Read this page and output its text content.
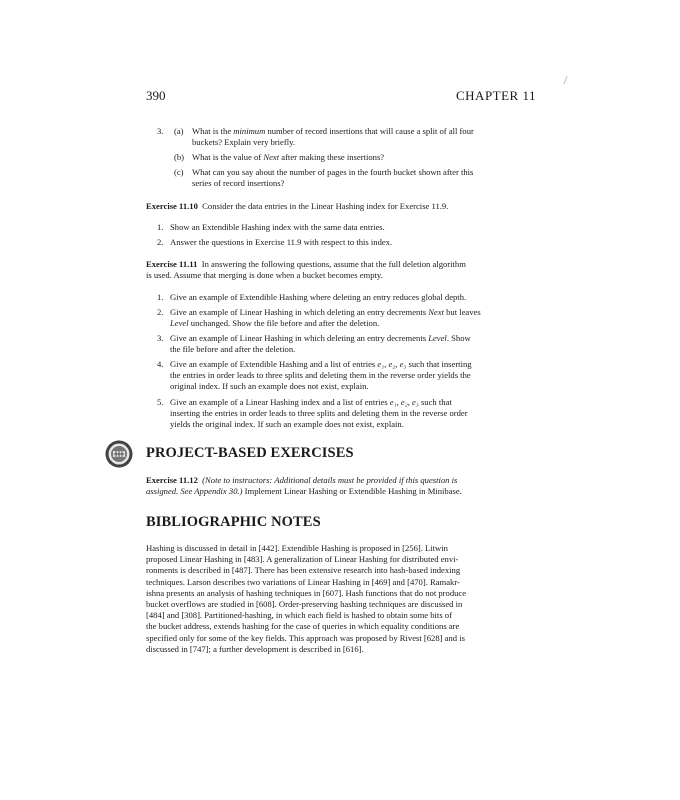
390	CHAPTER 11
3. (a) What is the minimum number of record insertions that will cause a split of all four
buckets? Explain very briefly.
(b) What is the value of Next after making these insertions?
(c) What can you say about the number of pages in the fourth bucket shown after this
series of record insertions?
Exercise 11.10 Consider the data entries in the Linear Hashing index for Exercise 11.9.
1. Show an Extendible Hashing index with the same data entries.
2. Answer the questions in Exercise 11.9 with respect to this index.
Exercise 11.11 In answering the following questions, assume that the full deletion algorithm
is used. Assume that merging is done when a bucket becomes empty.
1. Give an example of Extendible Hashing where deleting an entry reduces global depth.
2. Give an example of Linear Hashing in which deleting an entry decrements Next but leaves
Level unchanged. Show the file before and after the deletion.
3. Give an example of Linear Hashing in which deleting an entry decrements Level. Show
the file before and after the deletion.
4. Give an example of Extendible Hashing and a list of entries e₁, e₂, e₃ such that inserting
the entries in order leads to three splits and deleting them in the reverse order yields the
original index. If such an example does not exist, explain.
5. Give an example of a Linear Hashing index and a list of entries e₁, e₂, e₃ such that
inserting the entries in order leads to three splits and deleting them in the reverse order
yields the original index. If such an example does not exist, explain.
PROJECT-BASED EXERCISES
Exercise 11.12 (Note to instructors: Additional details must be provided if this question is
assigned. See Appendix 30.) Implement Linear Hashing or Extendible Hashing in Minibase.
BIBLIOGRAPHIC NOTES
Hashing is discussed in detail in [442]. Extendible Hashing is proposed in [256]. Litwin
proposed Linear Hashing in [483]. A generalization of Linear Hashing for distributed envi-
ronments is described in [487]. There has been extensive research into hash-based indexing
techniques. Larson describes two variations of Linear Hashing in [469] and [470]. Ramakr-
ishna presents an analysis of hashing techniques in [607]. Hash functions that do not produce
bucket overflows are studied in [608]. Order-preserving hashing techniques are discussed in
[484] and [308]. Partitioned-hashing, in which each field is hashed to obtain some bits of
the bucket address, extends hashing for the case of queries in which equality conditions are
specified only for some of the key fields. This approach was proposed by Rivest [628] and is
discussed in [747]; a further development is described in [616].
